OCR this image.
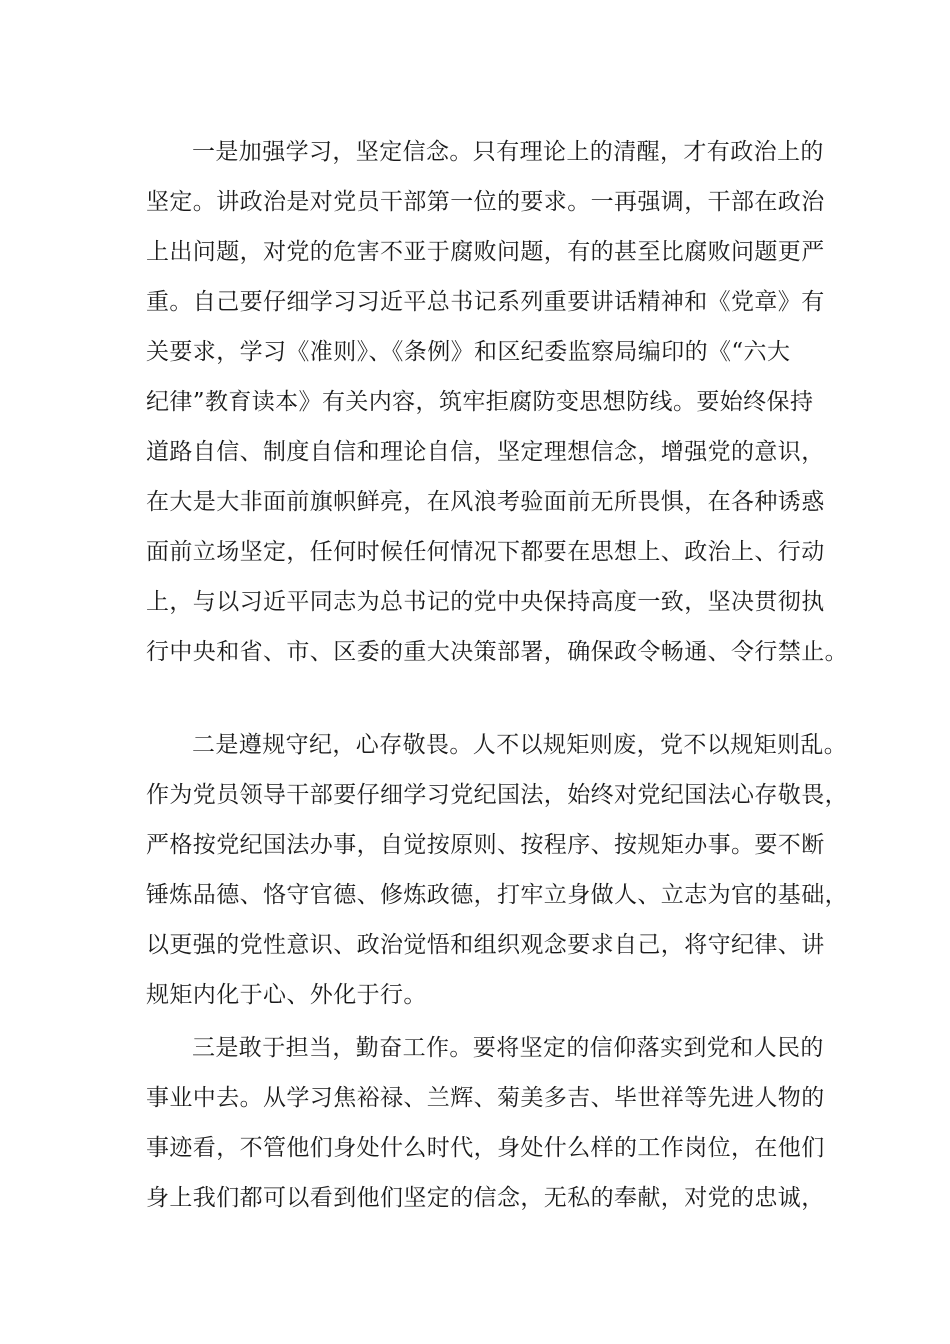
一是加强学习，坚定信念。只有理论上的清醒，才有政治上的
坚定。讲政治是对党员干部第一位的要求。一再强调，干部在政治
上出问题，对党的危害不亚于腐败问题，有的甚至比腐败问题更严
重。自己要仔细学习习近平总书记系列重要讲话精神和《党章》有
关要求，学习《准则》、《条例》和区纪委监察局编印的《“六大
纪律”教育读本》有关内容，筑牢拒腐防变思想防线。要始终保持
道路自信、制度自信和理论自信，坚定理想信念，增强党的意识，
在大是大非面前旗帜鲜亮，在风浪考验面前无所畏惧，在各种诱惑
面前立场坚定，任何时候任何情况下都要在思想上、政治上、行动
上，与以习近平同志为总书记的党中央保持高度一致，坚决贯彻执
行中央和省、市、区委的重大决策部署，确保政令畅通、令行禁止。
二是遵规守纪，心存敬畏。人不以规矩则废，党不以规矩则乱。
作为党员领导干部要仔细学习党纪国法，始终对党纪国法心存敬畏，
严格按党纪国法办事，自觉按原则、按程序、按规矩办事。要不断
锤炼品德、恪守官德、修炼政德，打牢立身做人、立志为官的基础，
以更强的党性意识、政治觉悟和组织观念要求自己，将守纪律、讲
规矩内化于心、外化于行。
三是敢于担当，勤奋工作。要将坚定的信仰落实到党和人民的
事业中去。从学习焦裕禄、兰辉、菊美多吉、毕世祥等先进人物的
事迹看，不管他们身处什么时代，身处什么样的工作岗位，在他们
身上我们都可以看到他们坚定的信念，无私的奉献，对党的忠诚，
